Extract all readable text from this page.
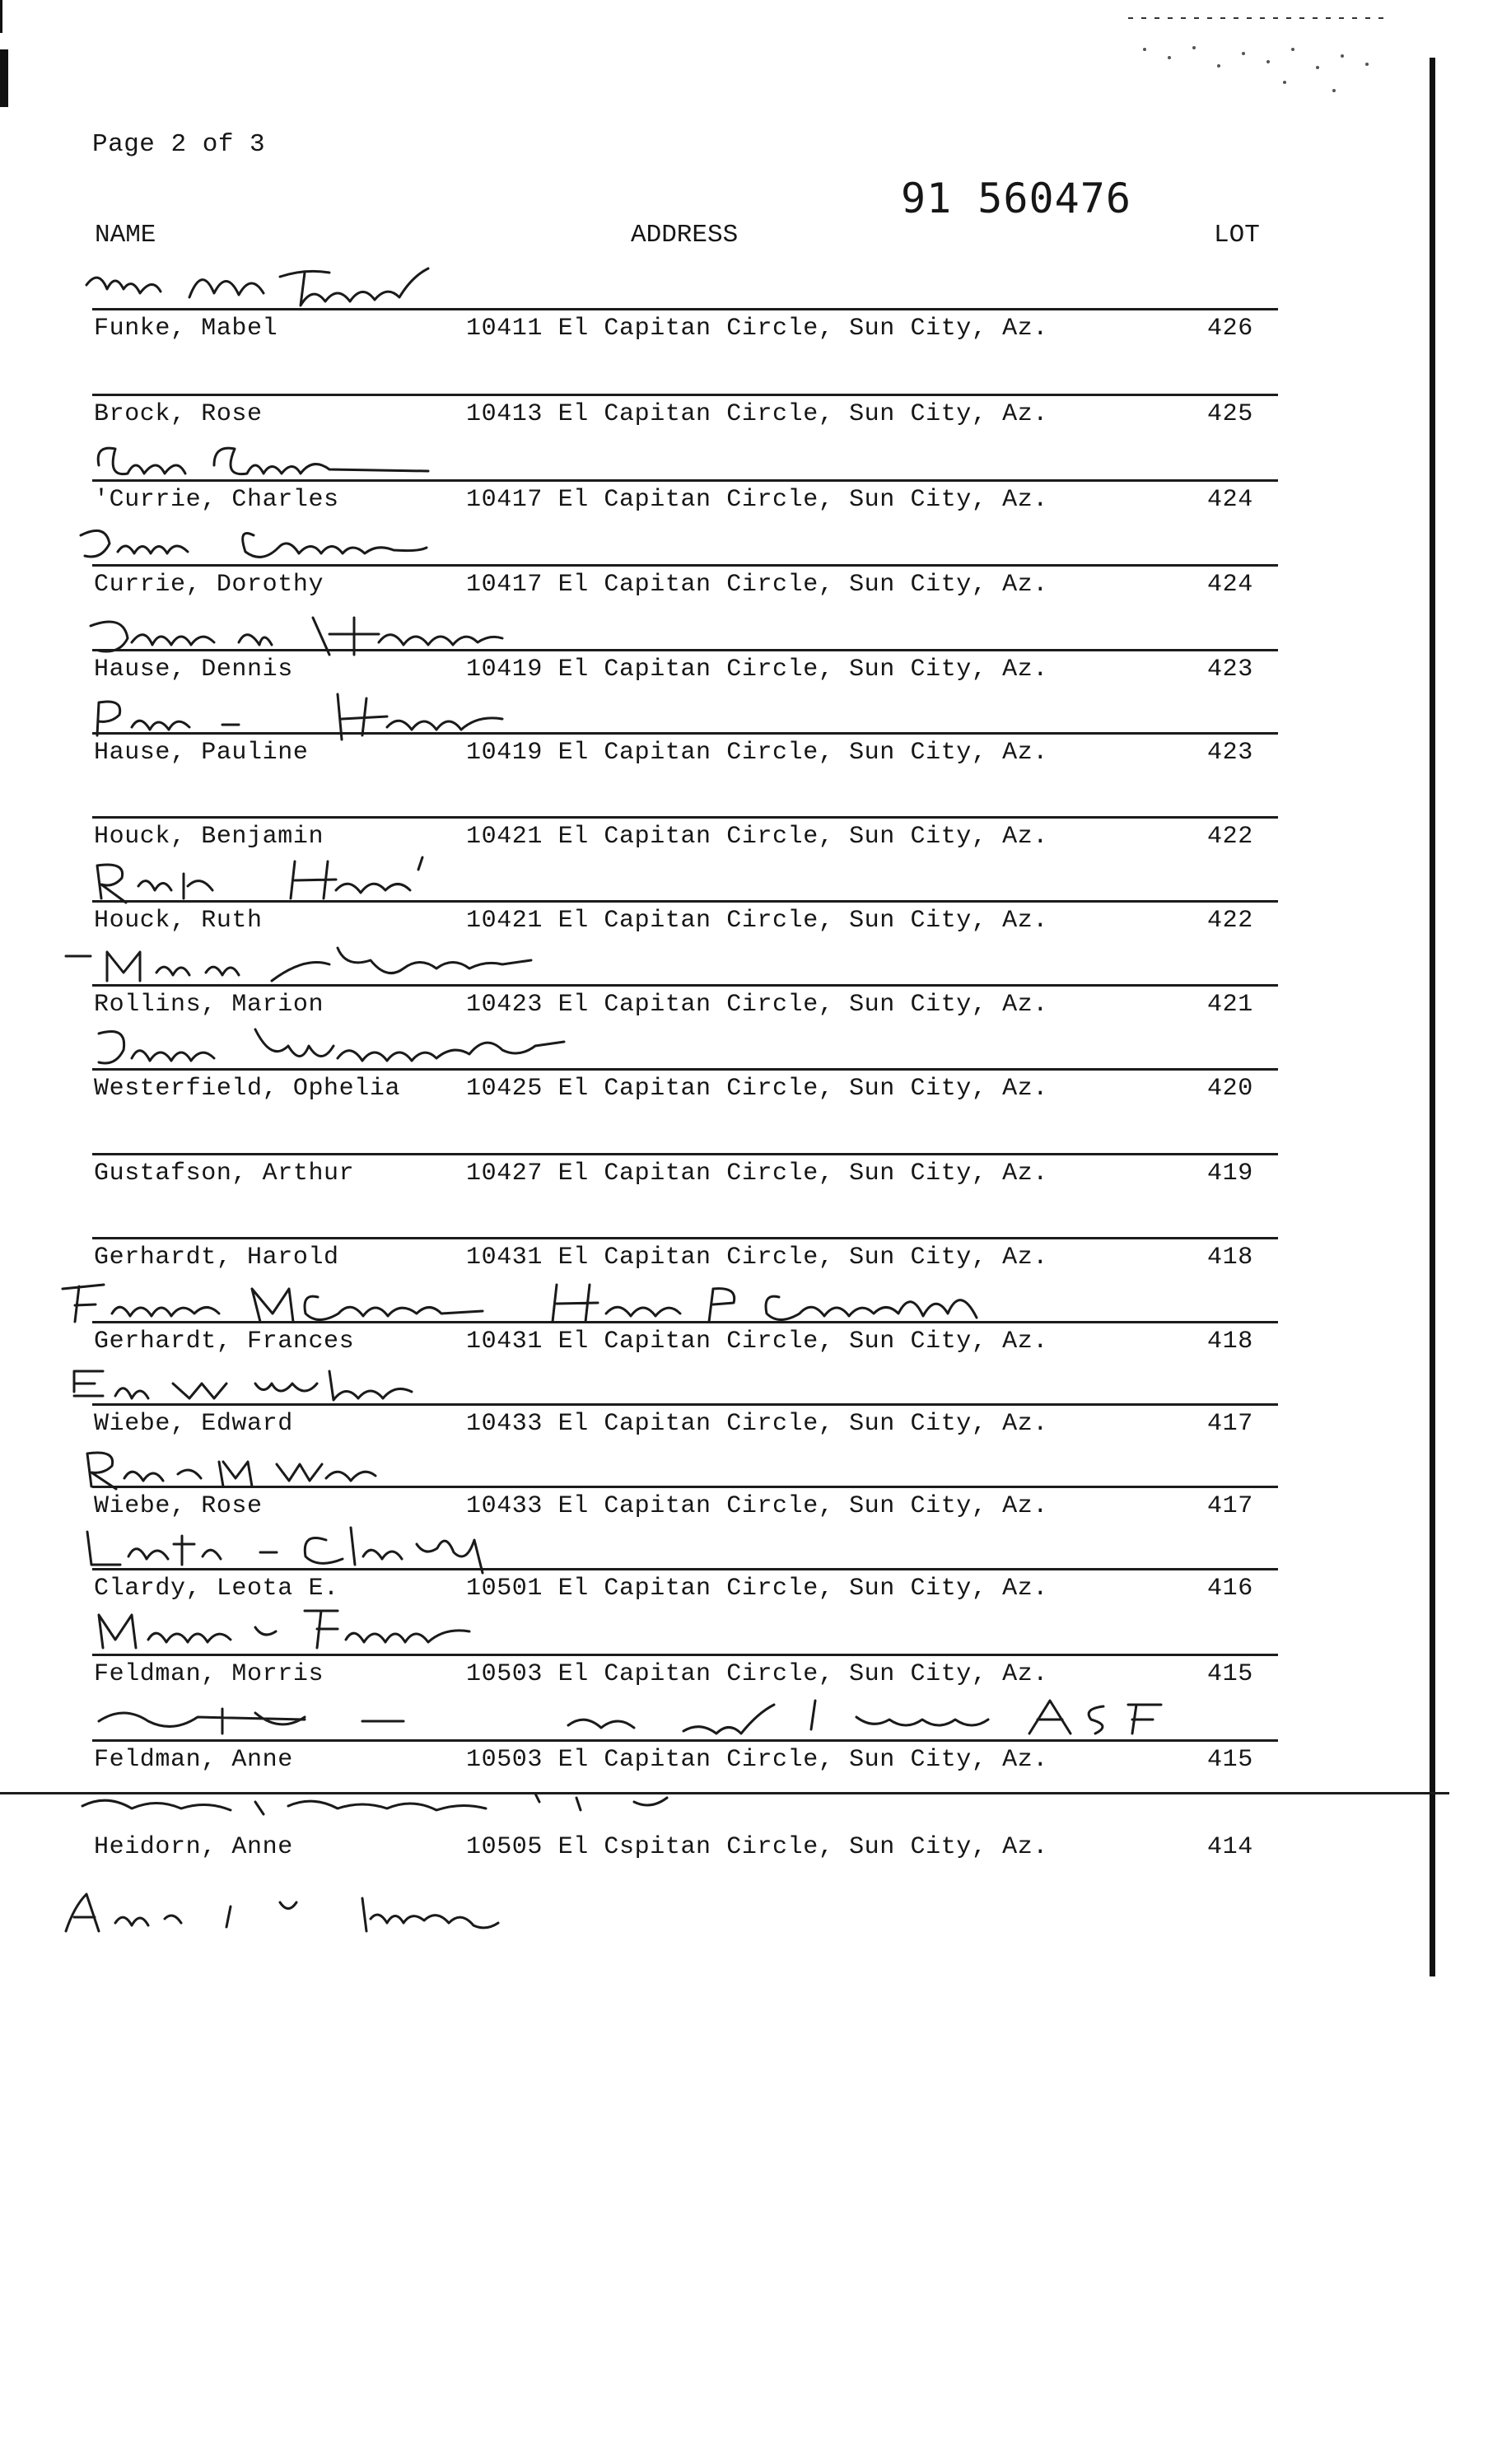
Page 2 of 3
91 560476
NAME	ADDRESS	LOT
Funke, Mabel	10411 El Capitan Circle, Sun City, Az.	426
Brock, Rose	10413 El Capitan Circle, Sun City, Az.	425
'Currie, Charles	10417 El Capitan Circle, Sun City, Az.	424
Currie, Dorothy	10417 El Capitan Circle, Sun City, Az.	424
Hause, Dennis	10419 El Capitan Circle, Sun City, Az.	423
Hause, Pauline	10419 El Capitan Circle, Sun City, Az.	423
Houck, Benjamin	10421 El Capitan Circle, Sun City, Az.	422
Houck, Ruth	10421 El Capitan Circle, Sun City, Az.	422
Rollins, Marion	10423 El Capitan Circle, Sun City, Az.	421
Westerfield, Ophelia	10425 El Capitan Circle, Sun City, Az.	420
Gustafson, Arthur	10427 El Capitan Circle, Sun City, Az.	419
Gerhardt, Harold	10431 El Capitan Circle, Sun City, Az.	418
Gerhardt, Frances	10431 El Capitan Circle, Sun City, Az.	418
Wiebe, Edward	10433 El Capitan Circle, Sun City, Az.	417
Wiebe, Rose	10433 El Capitan Circle, Sun City, Az.	417
Clardy, Leota E.	10501 El Capitan Circle, Sun City, Az.	416
Feldman, Morris	10503 El Capitan Circle, Sun City, Az.	415
Feldman, Anne	10503 El Capitan Circle, Sun City, Az.	415
Heidorn, Anne	10505 El Cspitan Circle, Sun City, Az.	414
